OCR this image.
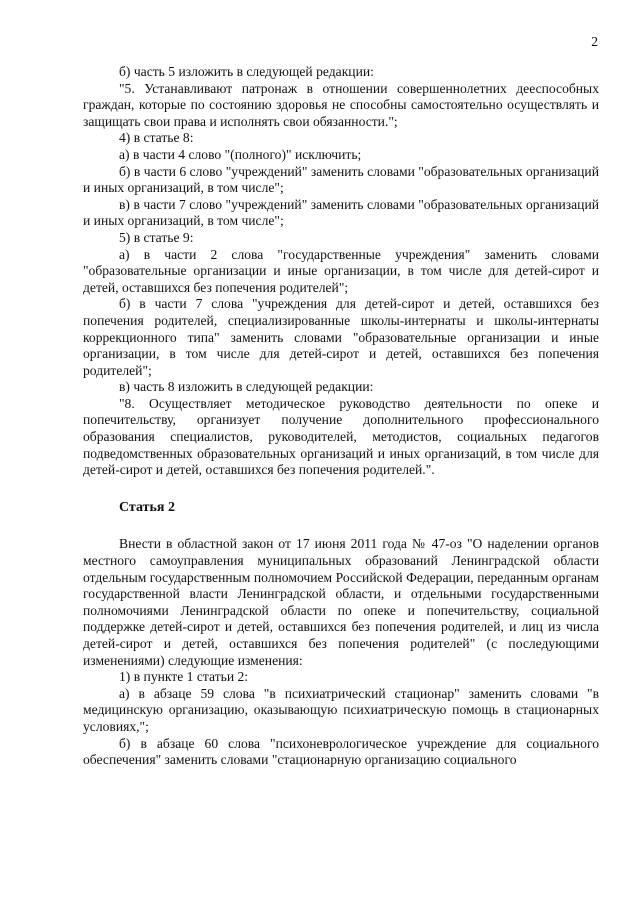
2

б) часть 5 изложить в следующей редакции:

"5. Устанавливают патронаж в отношении совершеннолетних дееспособных граждан, которые по состоянию здоровья не способны самостоятельно осуществлять и защищать свои права и исполнять свои обязанности.";

4) в статье 8:

а) в части 4 слово "(полного)" исключить;

б) в части 6 слово "учреждений" заменить словами "образовательных организаций и иных организаций, в том числе";

в) в части 7 слово "учреждений" заменить словами "образовательных организаций и иных организаций, в том числе";

5) в статье 9:

а) в части 2 слова "государственные учреждения" заменить словами "образовательные организации и иные организации, в том числе для детей-сирот и детей, оставшихся без попечения родителей";

б) в части 7 слова "учреждения для детей-сирот и детей, оставшихся без попечения родителей, специализированные школы-интернаты и школы-интернаты коррекционного типа" заменить словами "образовательные организации и иные организации, в том числе для детей-сирот и детей, оставшихся без попечения родителей";

в) часть 8 изложить в следующей редакции:

"8. Осуществляет методическое руководство деятельности по опеке и попечительству, организует получение дополнительного профессионального образования специалистов, руководителей, методистов, социальных педагогов подведомственных образовательных организаций и иных организаций, в том числе для детей-сирот и детей, оставшихся без попечения родителей.".

Статья 2

Внести в областной закон от 17 июня 2011 года № 47-оз "О наделении органов местного самоуправления муниципальных образований Ленинградской области отдельным государственным полномочием Российской Федерации, переданным органам государственной власти Ленинградской области, и отдельными государственными полномочиями Ленинградской области по опеке и попечительству, социальной поддержке детей-сирот и детей, оставшихся без попечения родителей, и лиц из числа детей-сирот и детей, оставшихся без попечения родителей" (с последующими изменениями) следующие изменения:

1) в пункте 1 статьи 2:

а) в абзаце 59 слова "в психиатрический стационар" заменить словами "в медицинскую организацию, оказывающую психиатрическую помощь в стационарных условиях,";

б) в абзаце 60 слова "психоневрологическое учреждение для социального обеспечения" заменить словами "стационарную организацию социального
